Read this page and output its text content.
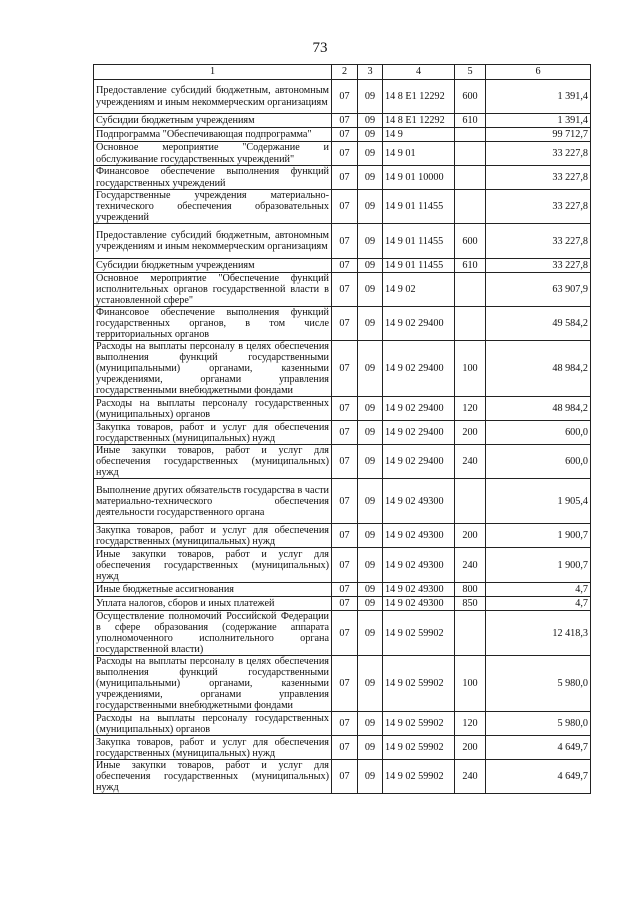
73
1	2	3	4	5	6
Предоставление субсидий бюджетным, автономным учреждениям и иным некоммерческим организациям	07	09	14 8 Е1 12292	600	1 391,4
Субсидии бюджетным учреждениям	07	09	14 8 Е1 12292	610	1 391,4
Подпрограмма "Обеспечивающая подпрограмма"	07	09	14 9		99 712,7
Основное мероприятие "Содержание и обслуживание государственных учреждений"	07	09	14 9 01		33 227,8
Финансовое обеспечение выполнения функций государственных учреждений	07	09	14 9 01 10000		33 227,8
Государственные учреждения материально-технического обеспечения образовательных учреждений	07	09	14 9 01 11455		33 227,8
Предоставление субсидий бюджетным, автономным учреждениям и иным некоммерческим организациям	07	09	14 9 01 11455	600	33 227,8
Субсидии бюджетным учреждениям	07	09	14 9 01 11455	610	33 227,8
Основное мероприятие "Обеспечение функций исполнительных органов государственной власти в установленной сфере"	07	09	14 9 02		63 907,9
Финансовое обеспечение выполнения функций государственных органов, в том числе территориальных органов	07	09	14 9 02 29400		49 584,2
Расходы на выплаты персоналу в целях обеспечения выполнения функций государственными (муниципальными) органами, казенными учреждениями, органами управления государственными внебюджетными фондами	07	09	14 9 02 29400	100	48 984,2
Расходы на выплаты персоналу государственных (муниципальных) органов	07	09	14 9 02 29400	120	48 984,2
Закупка товаров, работ и услуг для обеспечения государственных (муниципальных) нужд	07	09	14 9 02 29400	200	600,0
Иные закупки товаров, работ и услуг для обеспечения государственных (муниципальных) нужд	07	09	14 9 02 29400	240	600,0
Выполнение других обязательств государства в части материально-технического обеспечения деятельности государственного органа	07	09	14 9 02 49300		1 905,4
Закупка товаров, работ и услуг для обеспечения государственных (муниципальных) нужд	07	09	14 9 02 49300	200	1 900,7
Иные закупки товаров, работ и услуг для обеспечения государственных (муниципальных) нужд	07	09	14 9 02 49300	240	1 900,7
Иные бюджетные ассигнования	07	09	14 9 02 49300	800	4,7
Уплата налогов, сборов и иных платежей	07	09	14 9 02 49300	850	4,7
Осуществление полномочий Российской Федерации в сфере образования (содержание аппарата уполномоченного исполнительного органа государственной власти)	07	09	14 9 02 59902		12 418,3
Расходы на выплаты персоналу в целях обеспечения выполнения функций государственными (муниципальными) органами, казенными учреждениями, органами управления государственными внебюджетными фондами	07	09	14 9 02 59902	100	5 980,0
Расходы на выплаты персоналу государственных (муниципальных) органов	07	09	14 9 02 59902	120	5 980,0
Закупка товаров, работ и услуг для обеспечения государственных (муниципальных) нужд	07	09	14 9 02 59902	200	4 649,7
Иные закупки товаров, работ и услуг для обеспечения государственных (муниципальных) нужд	07	09	14 9 02 59902	240	4 649,7
